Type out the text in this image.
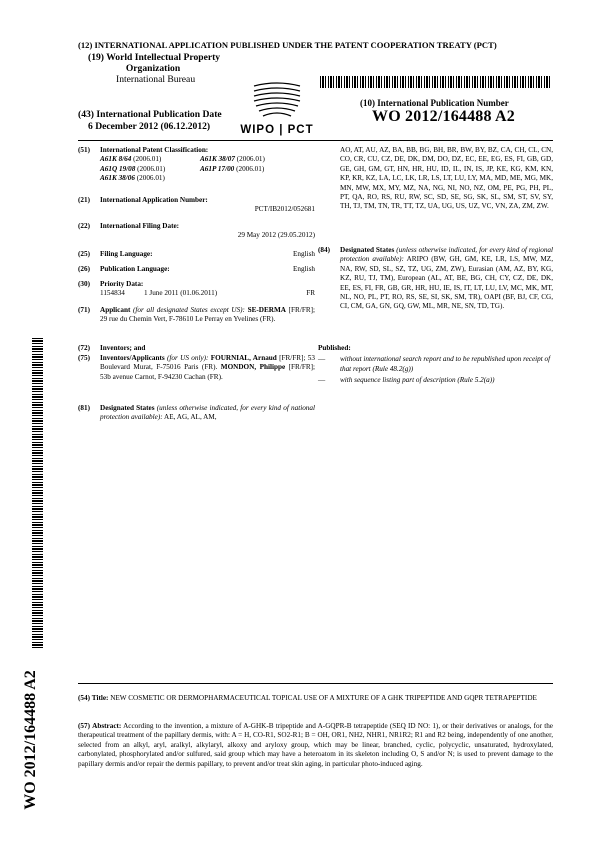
(12) INTERNATIONAL APPLICATION PUBLISHED UNDER THE PATENT COOPERATION TREATY (PCT)
(19) World Intellectual Property
Organization
International Bureau
WIPO | PCT
(10) International Publication Number
(43) International Publication Date
6 December 2012 (06.12.2012)
WO 2012/164488 A2
(51) International Patent Classification:
A61K 8/64 (2006.01)	A61K 38/07 (2006.01)
A61Q 19/08 (2006.01)	A61P 17/00 (2006.01)
A61K 38/06 (2006.01)
(21) International Application Number:
PCT/IB2012/052681
(22) International Filing Date:
29 May 2012 (29.05.2012)
(25) Filing Language:	English
(26) Publication Language:	English
(30) Priority Data:
1154834	1 June 2011 (01.06.2011)	FR
(71) Applicant (for all designated States except US): SE-DERMA [FR/FR]; 29 rue du Chemin Vert, F-78610 Le Perray en Yvelines (FR).
(72) Inventors; and
(75) Inventors/Applicants (for US only): FOURNIAL, Arnaud [FR/FR]; 53 Boulevard Murat, F-75016 Paris (FR). MONDON, Philippe [FR/FR]; 53b avenue Carnot, F-94230 Cachan (FR).
(81) Designated States (unless otherwise indicated, for every kind of national protection available): AE, AG, AL, AM,
AO, AT, AU, AZ, BA, BB, BG, BH, BR, BW, BY, BZ, CA, CH, CL, CN, CO, CR, CU, CZ, DE, DK, DM, DO, DZ, EC, EE, EG, ES, FI, GB, GD, GE, GH, GM, GT, HN, HR, HU, ID, IL, IN, IS, JP, KE, KG, KM, KN, KP, KR, KZ, LA, LC, LK, LR, LS, LT, LU, LY, MA, MD, ME, MG, MK, MN, MW, MX, MY, MZ, NA, NG, NI, NO, NZ, OM, PE, PG, PH, PL, PT, QA, RO, RS, RU, RW, SC, SD, SE, SG, SK, SL, SM, ST, SV, SY, TH, TJ, TM, TN, TR, TT, TZ, UA, UG, US, UZ, VC, VN, ZA, ZM, ZW.
(84) Designated States (unless otherwise indicated, for every kind of regional protection available): ARIPO (BW, GH, GM, KE, LR, LS, MW, MZ, NA, RW, SD, SL, SZ, TZ, UG, ZM, ZW), Eurasian (AM, AZ, BY, KG, KZ, RU, TJ, TM), European (AL, AT, BE, BG, CH, CY, CZ, DE, DK, EE, ES, FI, FR, GB, GR, HR, HU, IE, IS, IT, LT, LU, LV, MC, MK, MT, NL, NO, PL, PT, RO, RS, SE, SI, SK, SM, TR), OAPI (BF, BJ, CF, CG, CI, CM, GA, GN, GQ, GW, ML, MR, NE, SN, TD, TG).
Published:
— without international search report and to be republished upon receipt of that report (Rule 48.2(g))
— with sequence listing part of description (Rule 5.2(a))
WO 2012/164488 A2	(54) Title: NEW COSMETIC OR DERMOPHARMACEUTICAL TOPICAL USE OF A MIXTURE OF A GHK TRIPEPTIDE AND GQPR TETRAPEPTIDE
(57) Abstract: According to the invention, a mixture of A-GHK-B tripeptide and A-GQPR-B tetrapeptide (SEQ ID NO: 1), or their derivatives or analogs, for the therapeutical treatment of the papillary dermis, with: A = H, CO-R1, SO2-R1; B = OH, OR1, NH2, NHR1, NR1R2; R1 and R2 being, independently of one another, selected from an alkyl, aryl, aralkyl, alkylaryl, alkoxy and aryloxy group, which may be linear, branched, cyclic, polycyclic, unsaturated, hydroxylated, carbonylated, phosphorylated and/or sulfured, said group which may have a heteroatom in its skeleton including O, S and/or N; is used to prevent damage to the papillary dermis and/or repair the dermis papillary, to prevent and/or treat skin aging, in particular photo-induced aging.
